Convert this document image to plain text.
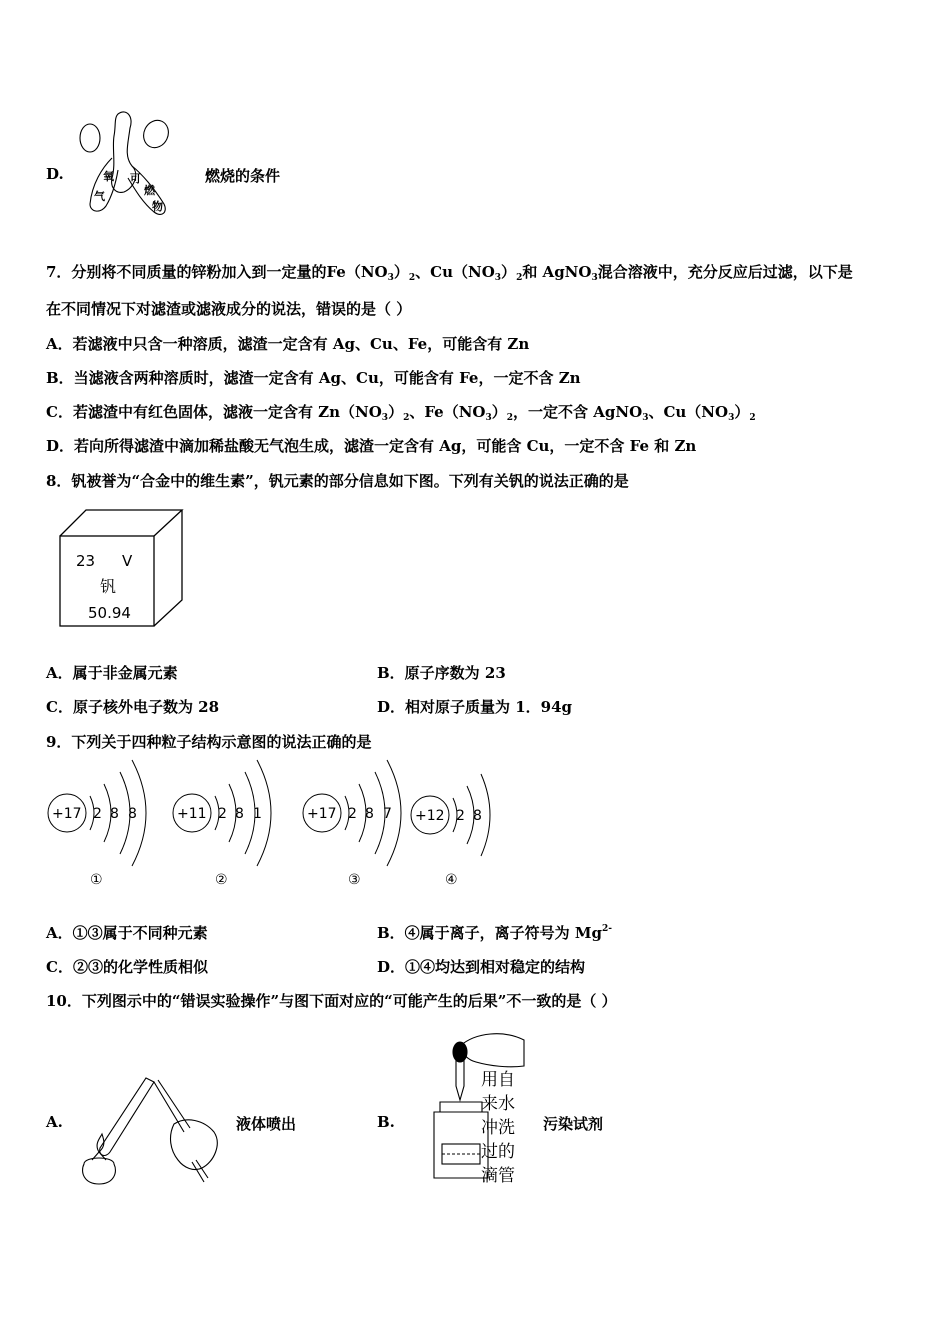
D.	氧
气
可
燃
物
燃烧的条件
7．分别将不同质量的锌粉加入到一定量的$Fe(NO_3)_2$、$Cu(NO_3)_2$和 AgNO$_3$混合溶液中，充分反应后过滤，以下是
在不同情况下对滤渣或滤液成分的说法，错误的是（ ）
A．若滤液中只含一种溶质，滤渣一定含有 Ag、Cu、Fe，可能含有 Zn
B．当滤液含两种溶质时，滤渣一定含有 Ag、Cu，可能含有 Fe，一定不含 Zn
C．若滤渣中有红色固体，滤液一定含有 $Zn(NO_3)_2$、$Fe(NO_3)_2$，一定不含 AgNO$_3$、$Cu(NO_3)_2$
D．若向所得滤渣中滴加稀盐酸无气泡生成，滤渣一定含有 Ag，可能含 Cu，一定不含 Fe 和 Zn
8．钒被誉为“合金中的维生素”，钒元素的部分信息如下图。下列有关钒的说法正确的是
23 V
钒
50.94
A．属于非金属元素	B．原子序数为 23
C．原子核外电子数为 28	D．相对原子质量为 1．94g
9．下列关于四种粒子结构示意图的说法正确的是
+17 2 8 8
①
+11 2 8 1
②
+17 2 8 7
③
+12 2 8
④
A．①③属于不同种元素	B．④属于离子，离子符号为 $Mg^{2-}$
C．②③的化学性质相似	D．①④均达到相对稳定的结构
10．下列图示中的“错误实验操作”与图下面对应的“可能产生的后果”不一致的是（ ）
A.	液体喷出	B.
用自
来水
冲洗
过的
滴管
污染试剂
